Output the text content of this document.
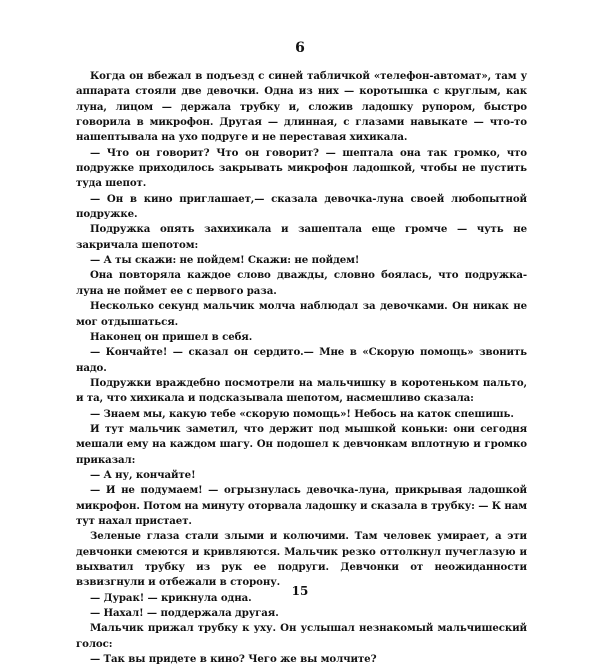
6

Когда он вбежал в подъезд с синей табличкой «телефон-автомат», там у аппарата стояли две девочки. Одна из них — коротышка с круглым, как луна, лицом — держала трубку и, сложив ладошку рупором, быстро говорила в микрофон. Другая — длинная, с глазами навыкате — что-то нашептывала на ухо подруге и не переставая хихикала.

— Что он говорит? Что он говорит? — шептала она так громко, что подружке приходилось закрывать микрофон ладошкой, чтобы не пустить туда шепот.

— Он в кино приглашает,— сказала девочка-луна своей любопытной подружке.

Подружка опять захихикала и зашептала еще громче — чуть не закричала шепотом:

— А ты скажи: не пойдем! Скажи: не пойдем!

Она повторяла каждое слово дважды, словно боялась, что подружка-луна не поймет ее с первого раза.

Несколько секунд мальчик молча наблюдал за девочками. Он никак не мог отдышаться.

Наконец он пришел в себя.

— Кончайте! — сказал он сердито.— Мне в «Скорую помощь» звонить надо.

Подружки враждебно посмотрели на мальчишку в коротеньком пальто, и та, что хихикала и подсказывала шепотом, насмешливо сказала:

— Знаем мы, какую тебе «скорую помощь»! Небось на каток спешишь.

И тут мальчик заметил, что держит под мышкой коньки: они сегодня мешали ему на каждом шагу. Он подошел к девчонкам вплотную и громко приказал:

— А ну, кончайте!

— И не подумаем! — огрызнулась девочка-луна, прикрывая ладошкой микрофон. Потом на минуту оторвала ладошку и сказала в трубку: — К нам тут нахал пристает.

Зеленые глаза стали злыми и колючими. Там человек умирает, а эти девчонки смеются и кривляются. Мальчик резко оттолкнул пучеглазую и выхватил трубку из рук ее подруги. Девчонки от неожиданности взвизгнули и отбежали в сторону.

— Дурак! — крикнула одна.

— Нахал! — поддержала другая.

Мальчик прижал трубку к уху. Он услышал незнакомый мальчишеский голос:

— Так вы придете в кино? Чего же вы молчите?

15
